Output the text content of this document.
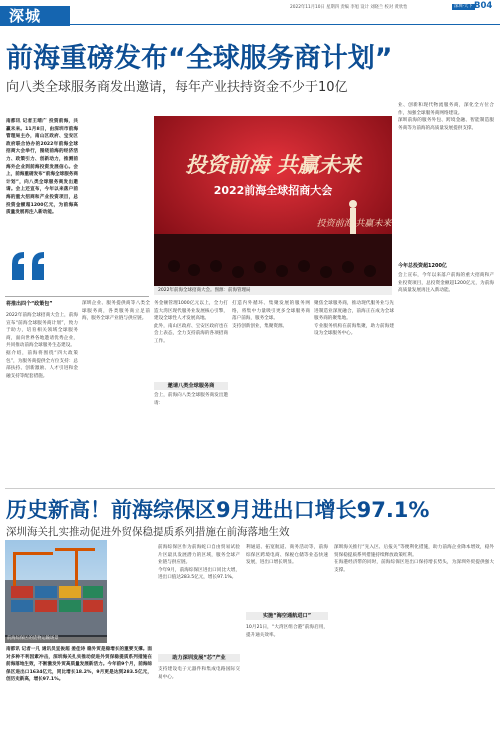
深城	2022年11月10日 星期四 责编 李旭 设计 刘晓兰 校对 黄欣怡	深圳·天下 B04
前海重磅发布“全球服务商计划”
向八类全球服务商发出邀请，每年产业扶持资金不少于10亿
南都讯 记者王靖广 投资前海，共赢未来。11月8日，由深圳市前海管理局主办，南山区政府、宝安区政府联合协办的2022年前海全球招商大会举行，围绕前海的经济活力、政策引力、创新动力，推测前海外企业到前海投资发展信心。会上，前海重磅发布“前海全球服务商计划”，向八类全球服务商发出邀请。会上还宣布，今年以来落户前海的重大招商和产业投资项目，总投资金额超1200亿元，为前海高质量发展再注入新动能。
投资前海 共赢未来
2022前海全球招商大会
投资前海 共赢未来
2022年前海全球招商大会。图源：前海管理局
业、创新和现代物流服务商，深化全方位合作，加强全球服务商网络建设。
深圳前海的服务外包、跨境金融、智能制造服务商等为前海的高质量发展提供支撑。
今年总投资超1200亿
会上宣布，今年以来落户前海的重大招商和产业投资项目，总投资金额超1200亿元，为前海高质量发展再注入新动能。
将推出四个“政策包”
2022年前海全球招商大会上，前海宣布“前海全球服务商计划”，致力于助力，培育相关领域全球服务商，面向世界各地邀请优秀企业，共同推动前海全球服务生态建设。
据介绍，前海将围绕“四大政策包”，为服务商提供全方位支持：总部扶持、创新激励、人才引进和金融支持等配套措施。
深圳企业、服务提供商等八类全球服务商，各类服务商立足前海，服务全球产业链与供应链。
务金额管理1000亿元以上，全力打造大湾区现代服务业发展核心引擎，建设全球性人才发展高地。
此外，南山区政府、宝安区政府也在会上表态，全力支持前海的各项招商工作。
邀请八类全球服务商
会上，前海向八类全球服务商发出邀请：
打造内外循环、集聚发展的服务网络，将集中力量吸引更多全球服务商落户前海，服务全球。
支持创新创业，集聚资源。
聚焦全球服务商，推动现代服务业与先进制造业深度融合，前海正在成为全球服务商的聚集地。
专业服务机构在前海集聚，助力前海建设为全球服务中心。
历史新高！前海综保区9月进出口增长97.1%
深圳海关扎实推动促进外贸保稳提质系列措施在前海落地生效
前海综保区的货物运输场景
南都讯 记者一凡 通讯员宣俊超 姜佳诗 稳外贸是稳增长的重要支撑。面对多种不利因素冲击，深圳海关扎实推动促进外贸保稳提质系列措施在前海落地生效，不断激发外贸高质量发展新活力。今年前9个月，前海综保区进出口1634亿元，同比增长18.2%，9月更是达到283.5亿元，创历史新高，增长97.1%。
前海综保区作为前海蛇口自由贸易试验片区最具发展潜力的区域，服务全球产业链与供应链。
今年9月，前海综保区进出口同比大增，进出口值达283.5亿元，增长97.1%。
助力深圳发展“芯”产业
支持建设电子元器件和集成电路国际交易中心。
利通道、拓宽航道、商务活动等，前海综保区跨境电商、保税仓储等业态快速发展，进出口增长明显。
实施“海空通航进口”
10月21日，“大湾区组合港”前海启用，提升通关效率。
深圳海关推行“先入区、后报关”等便利化措施，助力前海企业降本增效，稳外贸保稳提质系列措施持续释放政策红利。
在海港经济带的同时，前海综保区进出口保持增长势头，为深圳外贸提供强大支撑。
